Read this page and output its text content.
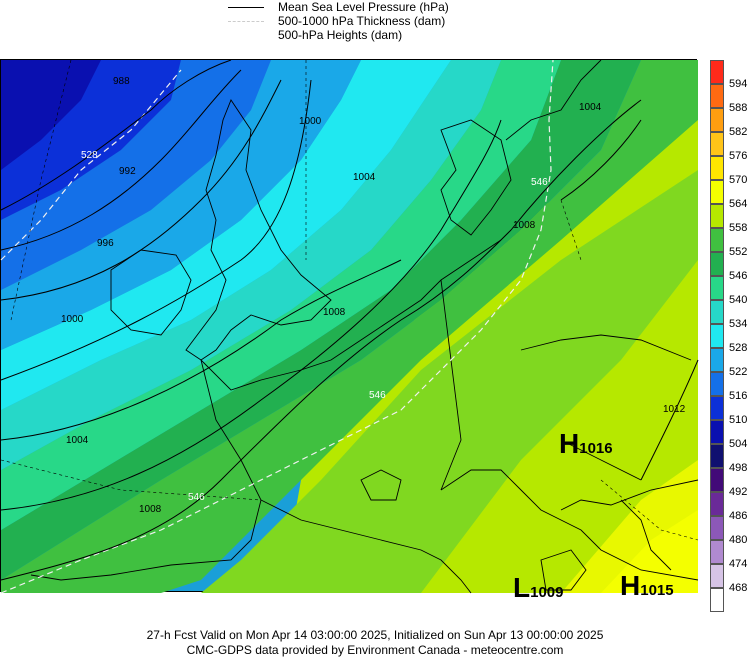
Mean Sea Level Pressure (hPa)
500-1000 hPa Thickness (dam)
500-hPa Heights (dam)
988
992
996
1000
1004
1008
1000
1004
1008
1012
1004
1008
528
546
546
546
H1016
L1009 H1015
594
588
582
576
570
564
558
552
546
540
534
528
522
516
510
504
498
492
486
480
474
468
27-h Fcst Valid on Mon Apr 14 03:00:00 2025, Initialized on Sun Apr 13 00:00:00 2025
CMC-GDPS data provided by Environment Canada - meteocentre.com
